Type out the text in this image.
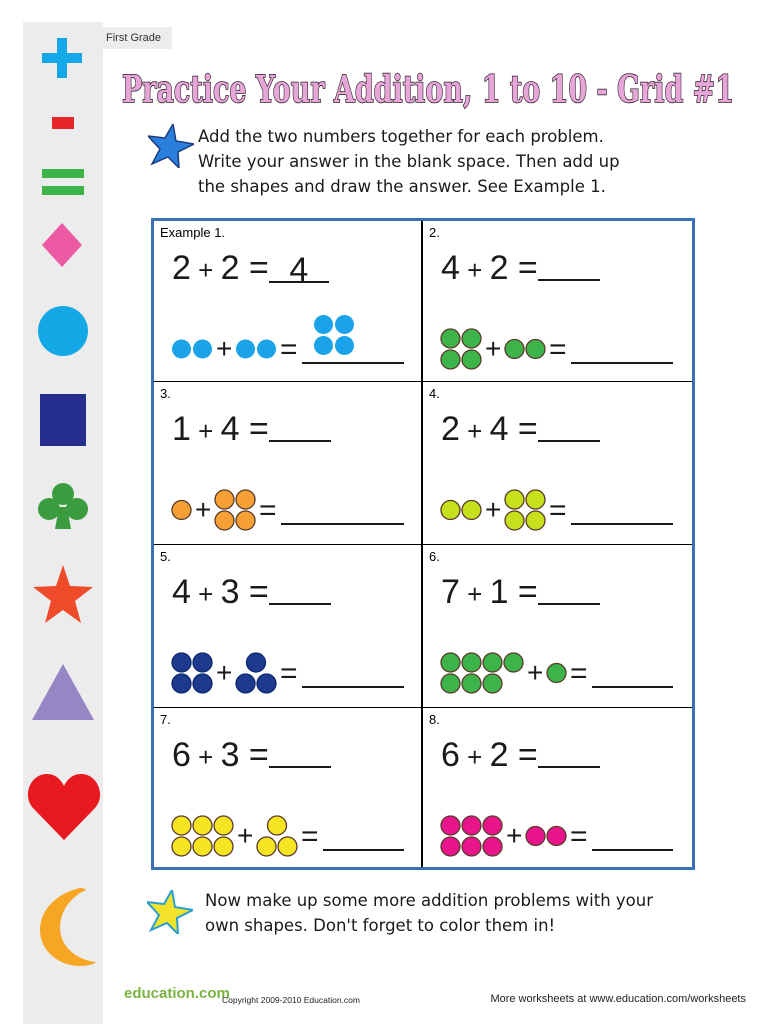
First Grade
Practice Your Addition, 1 to 10 - Grid #1
Add the two numbers together for each problem.
Write your answer in the blank space. Then add up
the shapes and draw the answer. See Example 1.
Example 1.
2 + 2 = 4
+ =
2.
4 + 2 =
+ =
3.
1 + 4 =
+ =
4.
2 + 4 =
+ =
5.
4 + 3 =
+ =
6.
7 + 1 =
+ =
7.
6 + 3 =
+ =
8.
6 + 2 =
+ =
Now make up some more addition problems with your
own shapes. Don't forget to color them in!
education.com
Copyright 2009-2010 Education.com	More worksheets at www.education.com/worksheets
